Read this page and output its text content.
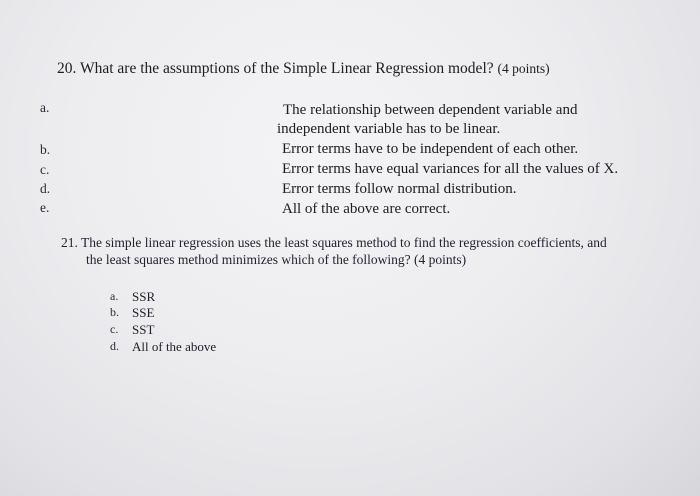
20. What are the assumptions of the Simple Linear Regression model? (4 points)
a.
b.
c.
d.
e.
The relationship between dependent variable and
independent variable has to be linear.
Error terms have to be independent of each other.
Error terms have equal variances for all the values of X.
Error terms follow normal distribution.
All of the above are correct.
21. The simple linear regression uses the least squares method to find the regression coefficients, and
the least squares method minimizes which of the following? (4 points)
a. SSR
b. SSE
c. SST
d. All of the above
